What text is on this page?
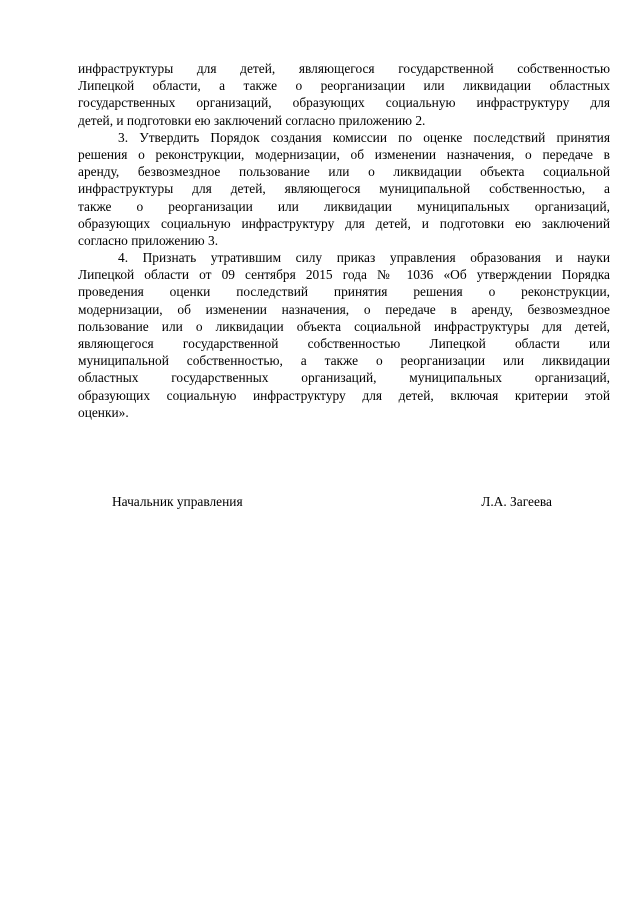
инфраструктуры для детей, являющегося государственной собственностью
Липецкой области, а также о реорганизации или ликвидации областных
государственных организаций, образующих социальную инфраструктуру для
детей, и подготовки ею заключений согласно приложению 2.
3. Утвердить Порядок создания комиссии по оценке последствий принятия
решения о реконструкции, модернизации, об изменении назначения, о передаче в
аренду, безвозмездное пользование или о ликвидации объекта социальной
инфраструктуры для детей, являющегося муниципальной собственностью, а
также о реорганизации или ликвидации муниципальных организаций,
образующих социальную инфраструктуру для детей, и подготовки ею заключений
согласно приложению 3.
4. Признать утратившим силу приказ управления образования и науки
Липецкой области от 09 сентября 2015 года № 1036 «Об утверждении Порядка
проведения оценки последствий принятия решения о реконструкции,
модернизации, об изменении назначения, о передаче в аренду, безвозмездное
пользование или о ликвидации объекта социальной инфраструктуры для детей,
являющегося государственной собственностью Липецкой области или
муниципальной собственностью, а также о реорганизации или ликвидации
областных государственных организаций, муниципальных организаций,
образующих социальную инфраструктуру для детей, включая критерии этой
оценки».
Начальник управления	Л.А. Загеева
